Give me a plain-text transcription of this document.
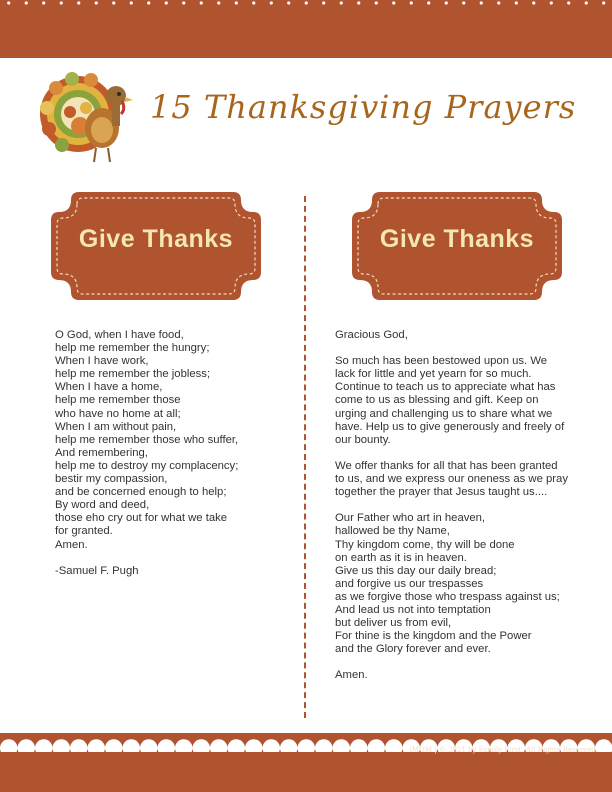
15 Thanksgiving Prayers
Give Thanks	Give Thanks
O God, when I have food,
help me remember the hungry;
When I have work,
help me remember the jobless;
When I have a home,
help me remember those
who have no home at all;
When I am without pain,
help me remember those who suffer,
And remembering,
help me to destroy my complacency;
bestir my compassion,
and be concerned enough to help;
By word and deed,
those eho cry out for what we take
for granted.
Amen.
-Samuel F. Pugh
Gracious God,
So much has been bestowed upon us. We
lack for little and yet yearn for so much.
Continue to teach us to appreciate what has
come to us as blessing and gift. Keep on
urging and challenging us to share what we
have. Help us to give generously and freely of
our bounty.
We offer thanks for all that has been granted
to us, and we express our oneness as we pray
together the prayer that Jesus taught us....
Our Father who art in heaven,
hallowed be thy Name,
Thy kingdom come, thy will be done
on earth as it is in heaven.
Give us this day our daily bread;
and forgive us our trespasses
as we forgive those who trespass against us;
And lead us not into temptation
but deliver us from evil,
For thine is the kingdom and the Power
and the Glory forever and ever.
Amen.
iMOM | © 2021 by Family First. All Rights Reserved.
